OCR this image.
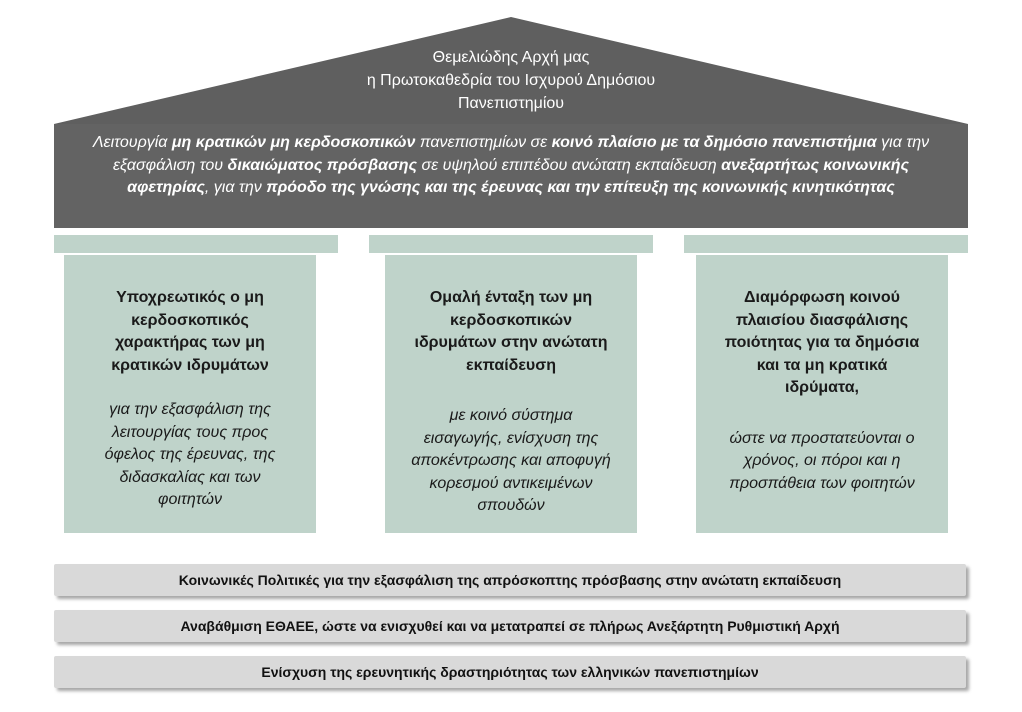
Θεμελιώδης Αρχή μας
η Πρωτοκαθεδρία του Ισχυρού Δημόσιου
Πανεπιστημίου
Λειτουργία μη κρατικών μη κερδοσκοπικών πανεπιστημίων σε κοινό πλαίσιο με τα δημόσιο πανεπιστήμια για την εξασφάλιση του δικαιώματος πρόσβασης σε υψηλού επιπέδου ανώτατη εκπαίδευση ανεξαρτήτως κοινωνικής αφετηρίας, για την πρόοδο της γνώσης και της έρευνας και την επίτευξη της κοινωνικής κινητικότητας

Υποχρεωτικός ο μη
κερδοσκοπικός
χαρακτήρας των μη
κρατικών ιδρυμάτων

για την εξασφάλιση της
λειτουργίας τους προς
όφελος της έρευνας, της
διδασκαλίας και των
φοιτητών

Ομαλή ένταξη των μη
κερδοσκοπικών
ιδρυμάτων στην ανώτατη
εκπαίδευση

με κοινό σύστημα
εισαγωγής, ενίσχυση της
αποκέντρωσης και αποφυγή
κορεσμού αντικειμένων
σπουδών

Διαμόρφωση κοινού
πλαισίου διασφάλισης
ποιότητας για τα δημόσια
και τα μη κρατικά
ιδρύματα,

ώστε να προστατεύονται ο
χρόνος, οι πόροι και η
προσπάθεια των φοιτητών

Κοινωνικές Πολιτικές για την εξασφάλιση της απρόσκοπτης πρόσβασης στην ανώτατη εκπαίδευση
Αναβάθμιση ΕΘΑΕΕ, ώστε να ενισχυθεί και να μετατραπεί σε πλήρως Ανεξάρτητη Ρυθμιστική Αρχή
Ενίσχυση της ερευνητικής δραστηριότητας των ελληνικών πανεπιστημίων
